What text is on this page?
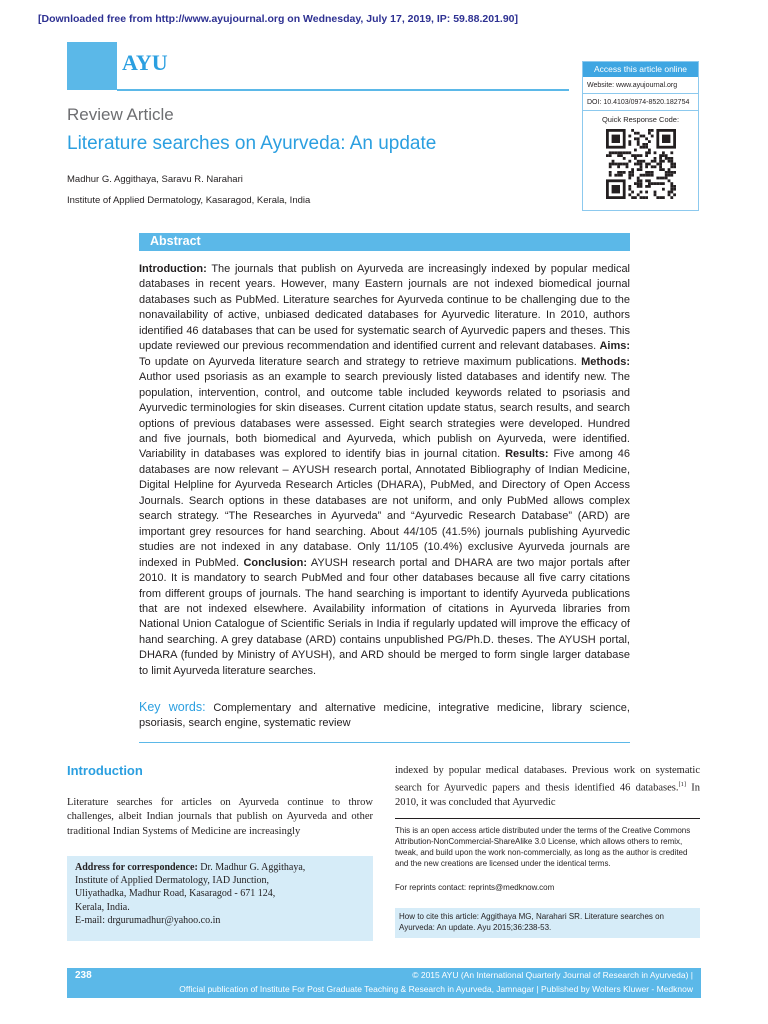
[Downloaded free from http://www.ayujournal.org on Wednesday, July 17, 2019, IP: 59.88.201.90]
AYU	Access this article online
Website: www.ayujournal.org
DOI: 10.4103/0974-8520.182754
Quick Response Code:
Review Article
Literature searches on Ayurveda: An update
Madhur G. Aggithaya, Saravu R. Narahari
Institute of Applied Dermatology, Kasaragod, Kerala, India
Abstract
Introduction: The journals that publish on Ayurveda are increasingly indexed by popular medical databases in recent years. However, many Eastern journals are not indexed biomedical journal databases such as PubMed. Literature searches for Ayurveda continue to be challenging due to the nonavailability of active, unbiased dedicated databases for Ayurvedic literature. In 2010, authors identified 46 databases that can be used for systematic search of Ayurvedic papers and theses. This update reviewed our previous recommendation and identified current and relevant databases. Aims: To update on Ayurveda literature search and strategy to retrieve maximum publications. Methods: Author used psoriasis as an example to search previously listed databases and identify new. The population, intervention, control, and outcome table included keywords related to psoriasis and Ayurvedic terminologies for skin diseases. Current citation update status, search results, and search options of previous databases were assessed. Eight search strategies were developed. Hundred and five journals, both biomedical and Ayurveda, which publish on Ayurveda, were identified. Variability in databases was explored to identify bias in journal citation. Results: Five among 46 databases are now relevant – AYUSH research portal, Annotated Bibliography of Indian Medicine, Digital Helpline for Ayurveda Research Articles (DHARA), PubMed, and Directory of Open Access Journals. Search options in these databases are not uniform, and only PubMed allows complex search strategy. “The Researches in Ayurveda” and “Ayurvedic Research Database” (ARD) are important grey resources for hand searching. About 44/105 (41.5%) journals publishing Ayurvedic studies are not indexed in any database. Only 11/105 (10.4%) exclusive Ayurveda journals are indexed in PubMed. Conclusion: AYUSH research portal and DHARA are two major portals after 2010. It is mandatory to search PubMed and four other databases because all five carry citations from different groups of journals. The hand searching is important to identify Ayurveda publications that are not indexed elsewhere. Availability information of citations in Ayurveda libraries from National Union Catalogue of Scientific Serials in India if regularly updated will improve the efficacy of hand searching. A grey database (ARD) contains unpublished PG/Ph.D. theses. The AYUSH portal, DHARA (funded by Ministry of AYUSH), and ARD should be merged to form single larger database to limit Ayurveda literature searches.
Key words: Complementary and alternative medicine, integrative medicine, library science, psoriasis, search engine, systematic review
Introduction
Literature searches for articles on Ayurveda continue to throw challenges, albeit Indian journals that publish on Ayurveda and other traditional Indian Systems of Medicine are increasingly
indexed by popular medical databases. Previous work on systematic search for Ayurvedic papers and thesis identified 46 databases.[1] In 2010, it was concluded that Ayurvedic
This is an open access article distributed under the terms of the Creative Commons Attribution-NonCommercial-ShareAlike 3.0 License, which allows others to remix, tweak, and build upon the work non-commercially, as long as the author is credited and the new creations are licensed under the identical terms.
For reprints contact: reprints@medknow.com
How to cite this article: Aggithaya MG, Narahari SR. Literature searches on Ayurveda: An update. Ayu 2015;36:238-53.
Address for correspondence: Dr. Madhur G. Aggithaya,
Institute of Applied Dermatology, IAD Junction,
Uliyathadka, Madhur Road, Kasaragod - 671 124,
Kerala, India.
E-mail: drgurumadhur@yahoo.co.in
238	© 2015 AYU (An International Quarterly Journal of Research in Ayurveda) |
Official publication of Institute For Post Graduate Teaching & Research in Ayurveda, Jamnagar | Published by Wolters Kluwer - Medknow
